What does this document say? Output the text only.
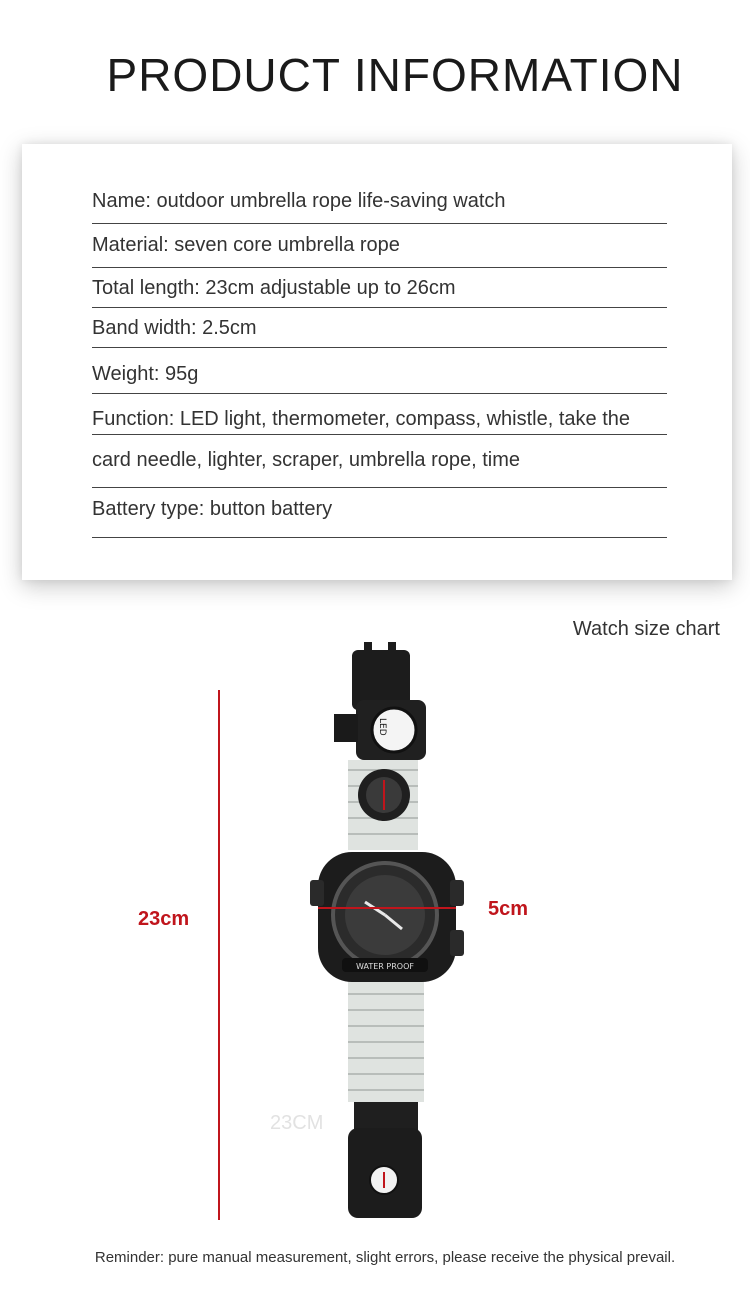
PRODUCT INFORMATION
Name: outdoor umbrella rope life-saving watch
Material: seven core umbrella rope
Total length: 23cm adjustable up to 26cm
Band width: 2.5cm
Weight: 95g
Function: LED light, thermometer, compass, whistle, take the
card needle, lighter, scraper, umbrella rope, time
Battery type: button battery
Watch size chart
23cm
23CM
LED
WATER PROOF
5cm
Reminder: pure manual measurement, slight errors, please receive the physical prevail.
